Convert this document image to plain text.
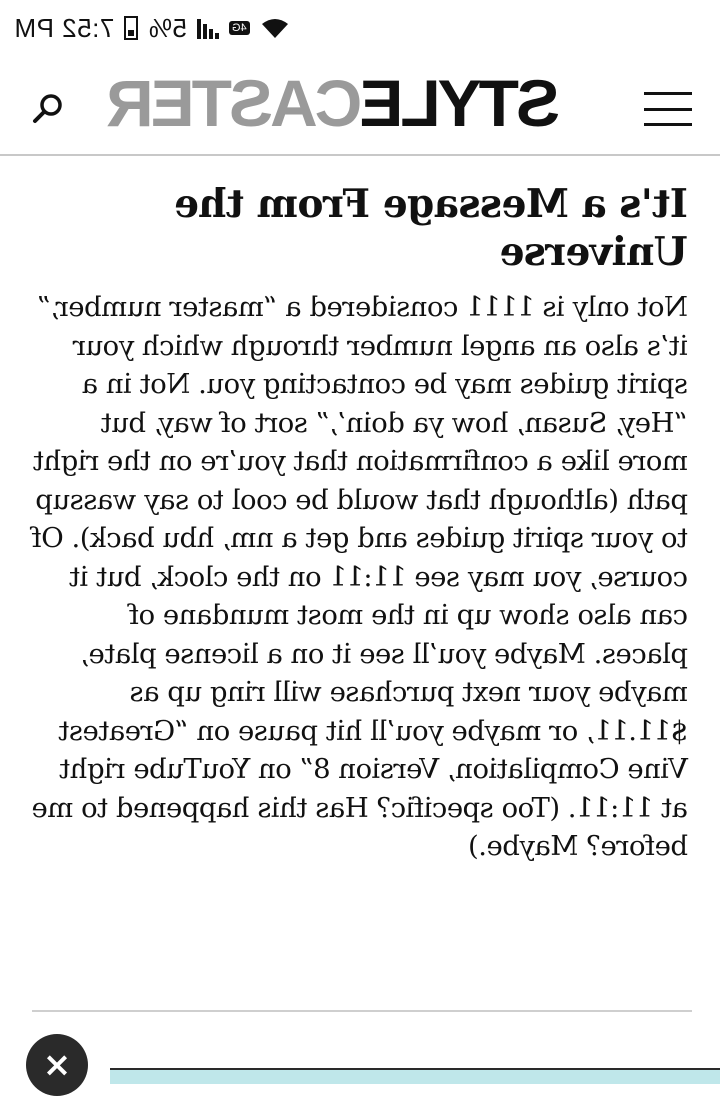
4G
5%
7:52 PM
STYLECASTER
It's a Message From the Universe

Not only is 1111 considered a “master number,” it’s also an angel number through which your spirit guides may be contacting you. Not in a “Hey, Susan, how ya doin’,” sort of way, but more like a confirmation that you’re on the right path (although that would be cool to say wassup to your spirit guides and get a nm, hbu back). Of course, you may see 11:11 on the clock, but it can also show up in the most mundane of places. Maybe you’ll see it on a license plate, maybe your next purchase will ring up as $11.11, or maybe you’ll hit pause on “Greatest Vine Compilation, Version 8” on YouTube right at 11:11. (Too specific? Has this happened to me before? Maybe.)

×
